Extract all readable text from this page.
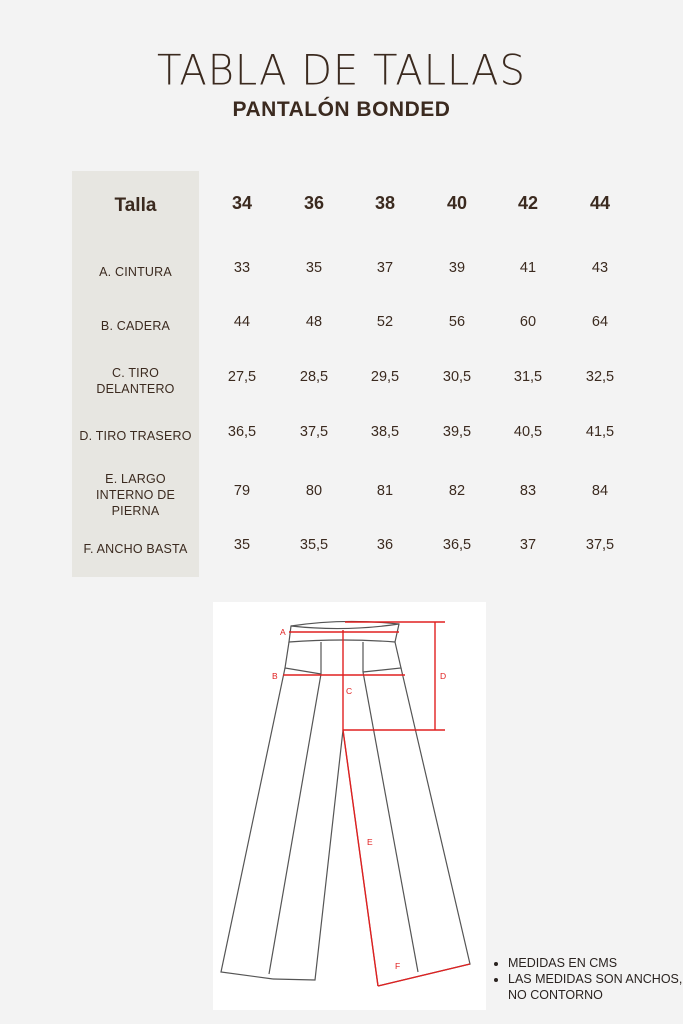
TABLA DE TALLAS
PANTALÓN BONDED
Talla	34	36	38	40	42	44
A. CINTURA	33	35	37	39	41	43
B. CADERA	44	48	52	56	60	64
C. TIRO DELANTERO
27,5	28,5	29,5	30,5	31,5	32,5
D. TIRO TRASERO	36,5	37,5	38,5	39,5	40,5	41,5
E. LARGO INTERNO DE PIERNA
79	80	81	82	83	84
F. ANCHO BASTA	35	35,5	36	36,5	37	37,5
A
B
C
D
E
F
•	MEDIDAS EN CMS
• LAS MEDIDAS SON ANCHOS, NO CONTORNO
